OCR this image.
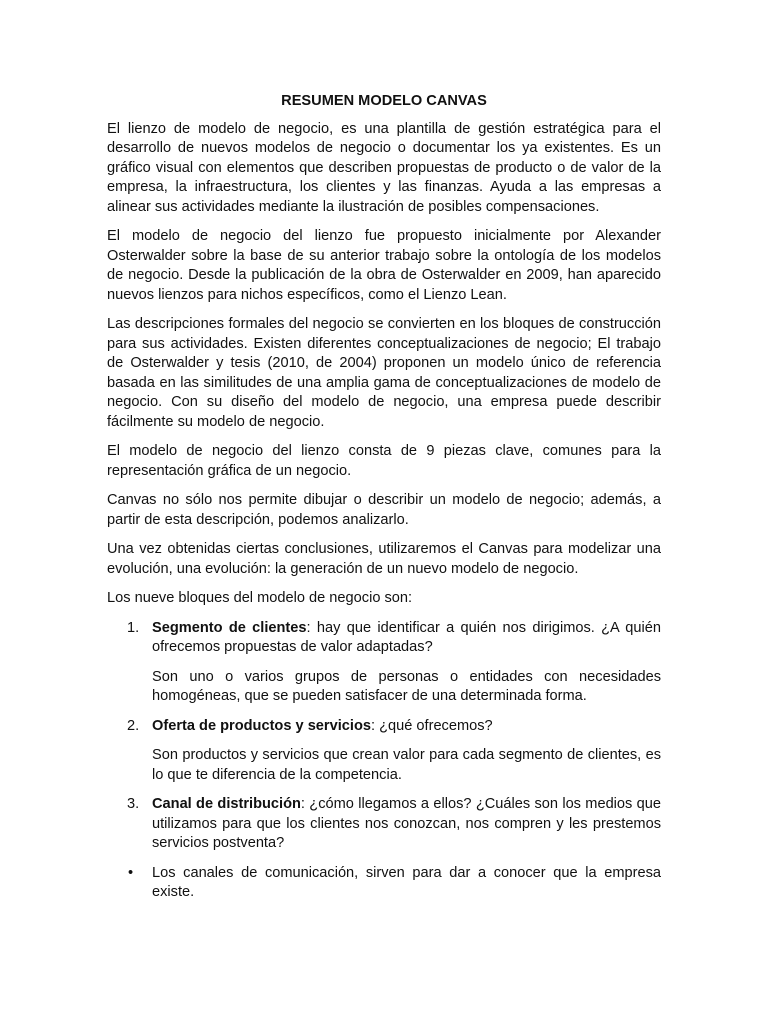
RESUMEN MODELO CANVAS

El lienzo de modelo de negocio, es una plantilla de gestión estratégica para el desarrollo de nuevos modelos de negocio o documentar los ya existentes. Es un gráfico visual con elementos que describen propuestas de producto o de valor de la empresa, la infraestructura, los clientes y las finanzas. Ayuda a las empresas a alinear sus actividades mediante la ilustración de posibles compensaciones.

El modelo de negocio del lienzo fue propuesto inicialmente por Alexander Osterwalder sobre la base de su anterior trabajo sobre la ontología de los modelos de negocio. Desde la publicación de la obra de Osterwalder en 2009, han aparecido nuevos lienzos para nichos específicos, como el Lienzo Lean.

Las descripciones formales del negocio se convierten en los bloques de construcción para sus actividades. Existen diferentes conceptualizaciones de negocio; El trabajo de Osterwalder y tesis (2010, de 2004) proponen un modelo único de referencia basada en las similitudes de una amplia gama de conceptualizaciones de modelo de negocio. Con su diseño del modelo de negocio, una empresa puede describir fácilmente su modelo de negocio.

El modelo de negocio del lienzo consta de 9 piezas clave, comunes para la representación gráfica de un negocio.

Canvas no sólo nos permite dibujar o describir un modelo de negocio; además, a partir de esta descripción, podemos analizarlo.

Una vez obtenidas ciertas conclusiones, utilizaremos el Canvas para modelizar una evolución, una evolución: la generación de un nuevo modelo de negocio.

Los nueve bloques del modelo de negocio son:

1. Segmento de clientes: hay que identificar a quién nos dirigimos. ¿A quién ofrecemos propuestas de valor adaptadas?
Son uno o varios grupos de personas o entidades con necesidades homogéneas, que se pueden satisfacer de una determinada forma.
2. Oferta de productos y servicios: ¿qué ofrecemos?
Son productos y servicios que crean valor para cada segmento de clientes, es lo que te diferencia de la competencia.
3. Canal de distribución: ¿cómo llegamos a ellos? ¿Cuáles son los medios que utilizamos para que los clientes nos conozcan, nos compren y les prestemos servicios postventa?
• Los canales de comunicación, sirven para dar a conocer que la empresa existe.
